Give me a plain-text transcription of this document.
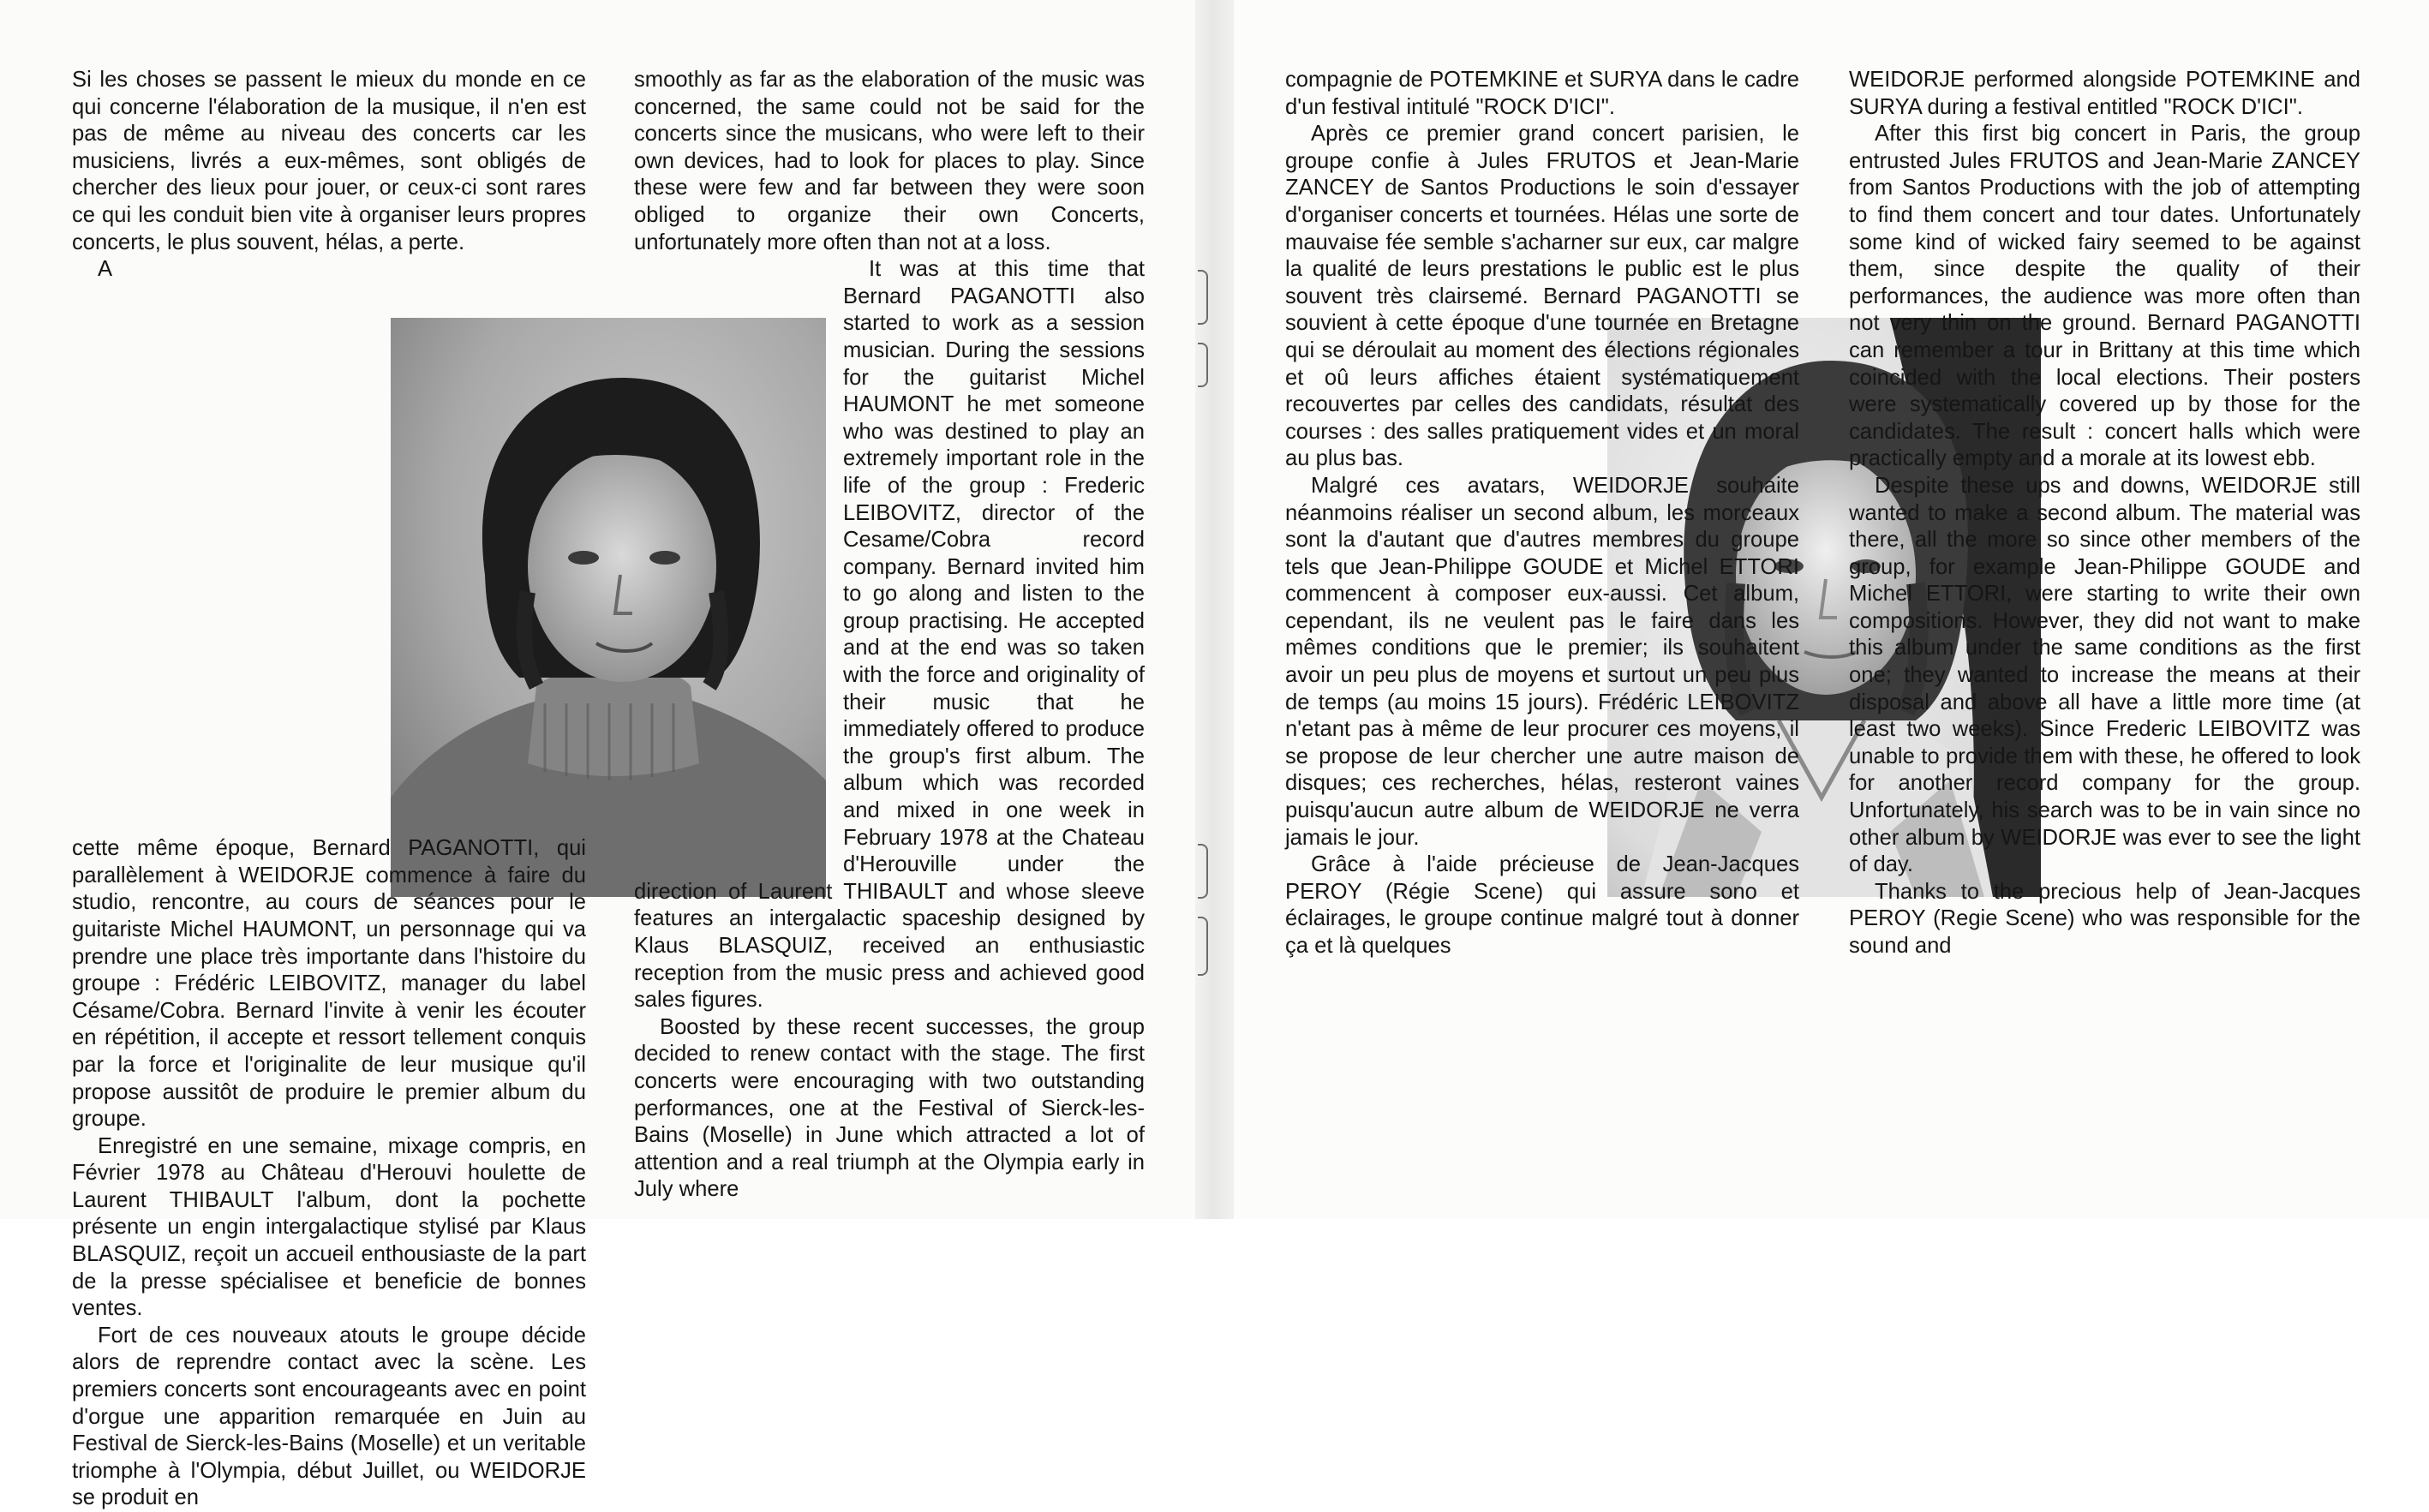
Si les choses se passent le mieux du monde en ce qui concerne l'élaboration de la musique, il n'en est pas de même au niveau des concerts car les musiciens, livrés a eux-mêmes, sont obligés de chercher des lieux pour jouer, or ceux-ci sont rares ce qui les conduit bien vite à organiser leurs propres concerts, le plus souvent, hélas, a perte.

A cette même époque, Bernard PAGANOTTI, qui parallèlement à WEIDORJE commence à faire du studio, rencontre, au cours de séances pour le guitariste Michel HAUMONT, un personnage qui va prendre une place très importante dans l'histoire du groupe : Frédéric LEIBOVITZ, manager du label Césame/Cobra. Bernard l'invite à venir les écouter en répétition, il accepte et ressort tellement conquis par la force et l'originalite de leur musique qu'il propose aussitôt de produire le premier album du groupe.

Enregistré en une semaine, mixage compris, en Février 1978 au Château d'Herouvi houlette de Laurent THIBAULT l'album, dont la pochette présente un engin intergalactique stylisé par Klaus BLASQUIZ, reçoit un accueil enthousiaste de la part de la presse spécialisee et beneficie de bonnes ventes.

Fort de ces nouveaux atouts le groupe décide alors de reprendre contact avec la scène. Les premiers concerts sont encourageants avec en point d'orgue une apparition remarquée en Juin au Festival de Sierck-les-Bains (Moselle) et un veritable triomphe à l'Olympia, début Juillet, ou WEIDORJE se produit en

smoothly as far as the elaboration of the music was concerned, the same could not be said for the concerts since the musicans, who were left to their own devices, had to look for places to play. Since these were few and far between they were soon obliged to organize their own Concerts, unfortunately more often than not at a loss.

It was at this time that Bernard PAGANOTTI also started to work as a session musician. During the sessions for the guitarist Michel HAUMONT he met someone who was destined to play an extremely important role in the life of the group : Frederic LEIBOVITZ, director of the Cesame/Cobra record company. Bernard invited him to go along and listen to the group practising. He accepted and at the end was so taken with the force and originality of their music that he immediately offered to produce the group's first album. The album which was recorded and mixed in one week in February 1978 at the Chateau d'Herouville under the direction of Laurent THIBAULT and whose sleeve features an intergalactic spaceship designed by Klaus BLASQUIZ, received an enthusiastic reception from the music press and achieved good sales figures.

Boosted by these recent successes, the group decided to renew contact with the stage. The first concerts were encouraging with two outstanding performances, one at the Festival of Sierck-les-Bains (Moselle) in June which attracted a lot of attention and a real triumph at the Olympia early in July where

compagnie de POTEMKINE et SURYA dans le cadre d'un festival intitulé "ROCK D'ICI".

Après ce premier grand concert parisien, le groupe confie à Jules FRUTOS et Jean-Marie ZANCEY de Santos Productions le soin d'essayer d'organiser concerts et tournées. Hélas une sorte de mauvaise fée semble s'acharner sur eux, car malgre la qualité de leurs prestations le public est le plus souvent très clairsemé. Bernard PAGANOTTI se souvient à cette époque d'une tournée en Bretagne qui se déroulait au moment des élections régionales et oû leurs affiches étaient systématiquement recouvertes par celles des candidats, résultat des courses : des salles pratiquement vides et un moral au plus bas.

Malgré ces avatars, WEIDORJE souhaite néanmoins réaliser un second album, les morceaux sont la d'autant que d'autres membres du groupe tels que Jean-Philippe GOUDE et Michel ETTORI commencent à composer eux-aussi. Cet album, cependant, ils ne veulent pas le faire dans les mêmes conditions que le premier; ils souhaitent avoir un peu plus de moyens et surtout un peu plus de temps (au moins 15 jours). Frédéric LEIBOVITZ n'etant pas à même de leur procurer ces moyens, il se propose de leur chercher une autre maison de disques; ces recherches, hélas, resteront vaines puisqu'aucun autre album de WEIDORJE ne verra jamais le jour.

Grâce à l'aide précieuse de Jean-Jacques PEROY (Régie Scene) qui assure sono et éclairages, le groupe continue malgré tout à donner ça et là quelques

WEIDORJE performed alongside POTEMKINE and SURYA during a festival entitled "ROCK D'ICI".

After this first big concert in Paris, the group entrusted Jules FRUTOS and Jean-Marie ZANCEY from Santos Productions with the job of attempting to find them concert and tour dates. Unfortunately some kind of wicked fairy seemed to be against them, since despite the quality of their performances, the audience was more often than not very thin on the ground. Bernard PAGANOTTI can remember a tour in Brittany at this time which coincided with the local elections. Their posters were systematically covered up by those for the candidates. The result : concert halls which were practically empty and a morale at its lowest ebb.

Despite these ups and downs, WEIDORJE still wanted to make a second album. The material was there, all the more so since other members of the group, for example Jean-Philippe GOUDE and Michel ETTORI, were starting to write their own compositions. However, they did not want to make this album under the same conditions as the first one; they wanted to increase the means at their disposal and above all have a little more time (at least two weeks). Since Frederic LEIBOVITZ was unable to provide them with these, he offered to look for another record company for the group. Unfortunately, his search was to be in vain since no other album by WEIDORJE was ever to see the light of day.

Thanks to the precious help of Jean-Jacques PEROY (Regie Scene) who was responsible for the sound and
